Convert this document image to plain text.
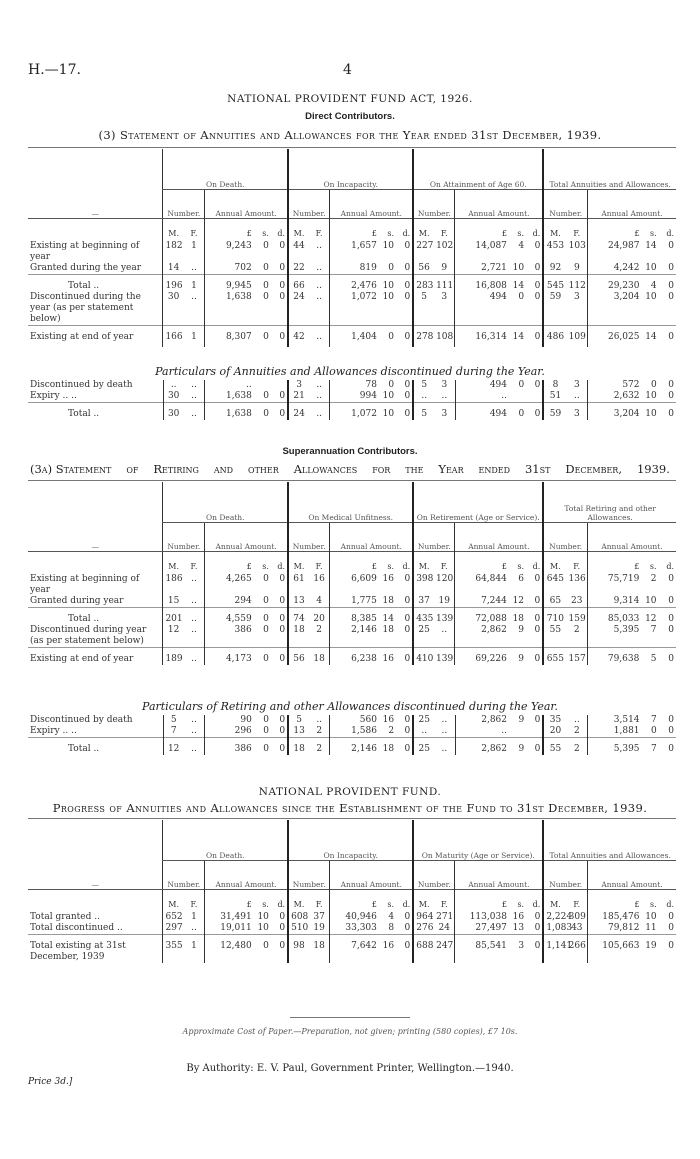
H.—17.	4
NATIONAL PROVIDENT FUND ACT, 1926.
Direct Contributors.
(3) Statement of Annuities and Allowances for the Year ended 31st December, 1939.
—	On Death.					On Incapacity.					On Attainment of Age 60.					Total Annuities and Allowances.				
	Number.		Annual Amount.			Number.		Annual Amount.			Number.		Annual Amount.			Number.		Annual Amount.		
	M.	F.	£	s.	d.	M.	F.	£	s.	d.	M.	F.	£	s.	d.	M.	F.	£	s.	d.
Existing at beginning of year	182	1	9,243	0	0	44	..	1,657	10	0	227	102	14,087	4	0	453	103	24,987	14	0
Granted during the year	14	..	702	0	0	22	..	819	0	0	56	9	2,721	10	0	92	9	4,242	10	0
Total ..	196	1	9,945	0	0	66	..	2,476	10	0	283	111	16,808	14	0	545	112	29,230	4	0
Discontinued during the year (as per statement below)	30	..	1,638	0	0	24	..	1,072	10	0	5	3	494	0	0	59	3	3,204	10	0
Existing at end of year	166	1	8,307	0	0	42	..	1,404	0	0	278	108	16,314	14	0	486	109	26,025	14	0

Particulars of Annuities and Allowances discontinued during the Year.
Discontinued by death	..	..	..			3	..	78	0	0	5	3	494	0	0	8	3	572	0	0
Expiry .. ..	30	..	1,638	0	0	21	..	994	10	0	..	..	..			51	..	2,632	10	0
Total ..	30	..	1,638	0	0	24	..	1,072	10	0	5	3	494	0	0	59	3	3,204	10	0
Superannuation Contributors.
(3a) Statement of Retiring and other Allowances for the Year ended 31st December, 1939.
—	On Death.					On Medical Unfitness.					On Retirement (Age or Service).					Total Retiring and other Allowances.				
	Number.		Annual Amount.			Number.		Annual Amount.			Number.		Annual Amount.			Number.		Annual Amount.		
	M.	F.	£	s.	d.	M.	F.	£	s.	d.	M.	F.	£	s.	d.	M.	F.	£	s.	d.
Existing at beginning of year	186	..	4,265	0	0	61	16	6,609	16	0	398	120	64,844	6	0	645	136	75,719	2	0
Granted during year	15	..	294	0	0	13	4	1,775	18	0	37	19	7,244	12	0	65	23	9,314	10	0
Total ..	201	..	4,559	0	0	74	20	8,385	14	0	435	139	72,088	18	0	710	159	85,033	12	0
Discontinued during year (as per statement below)	12	..	386	0	0	18	2	2,146	18	0	25	..	2,862	9	0	55	2	5,395	7	0
Existing at end of year	189	..	4,173	0	0	56	18	6,238	16	0	410	139	69,226	9	0	655	157	79,638	5	0
Particulars of Retiring and other Allowances discontinued during the Year.
Discontinued by death	5	..	90	0	0	5	..	560	16	0	25	..	2,862	9	0	35	..	3,514	7	0
Expiry .. ..	7	..	296	0	0	13	2	1,586	2	0	..	..	..			20	2	1,881	0	0
Total ..	12	..	386	0	0	18	2	2,146	18	0	25	..	2,862	9	0	55	2	5,395	7	0
NATIONAL PROVIDENT FUND.
Progress of Annuities and Allowances since the Establishment of the Fund to 31st December, 1939.
—	On Death.					On Incapacity.					On Maturity (Age or Service).					Total Annuities and Allowances.				
	Number.		Annual Amount.			Number.		Annual Amount.			Number.		Annual Amount.			Number.		Annual Amount.		
	M.	F.	£	s.	d.	M.	F.	£	s.	d.	M.	F.	£	s.	d.	M.	F.	£	s.	d.
Total granted ..	652	1	31,491	10	0	608	37	40,946	4	0	964	271	113,038	16	0	2,224	309	185,476	10	0
Total discontinued ..	297	..	19,011	10	0	510	19	33,303	8	0	276	24	27,497	13	0	1,083	43	79,812	11	0
Total existing at 31st December, 1939	355	1	12,480	0	0	98	18	7,642	16	0	688	247	85,541	3	0	1,141	266	105,663	19	0
Approximate Cost of Paper.—Preparation, not given; printing (580 copies), £7 10s.
By Authority: E. V. Paul, Government Printer, Wellington.—1940.
Price 3d.]
